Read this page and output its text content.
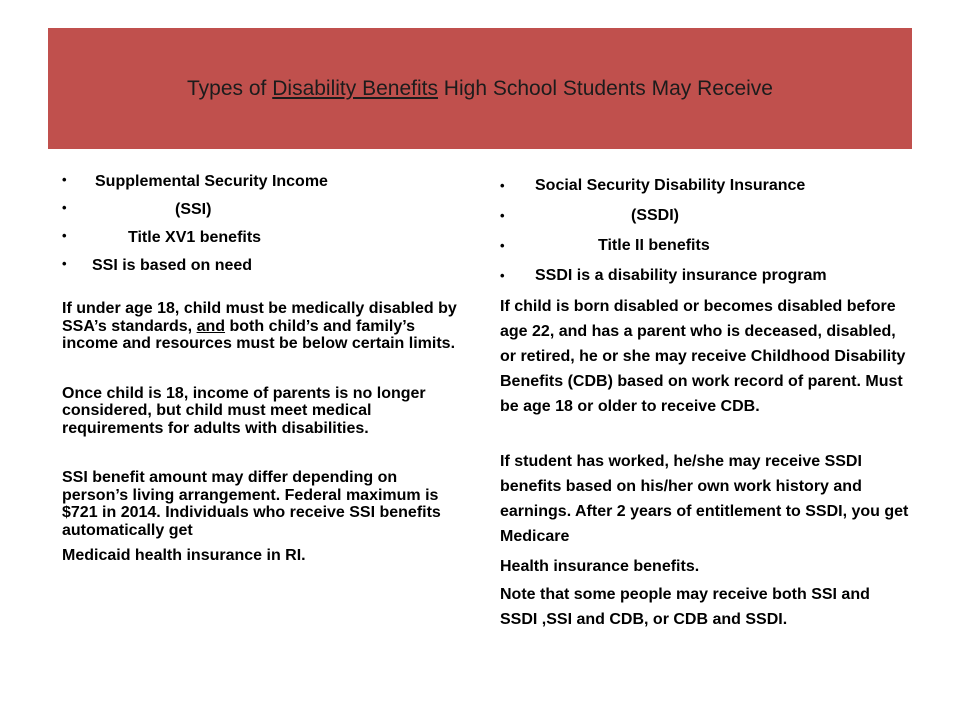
Types of Disability Benefits High School Students May Receive
•	Supplemental Security Income
•	(SSI)
•	Title XV1 benefits
•	SSI is based on need

If under age 18, child must be medically disabled by SSA’s standards, and both child’s and family’s income and resources must be below certain limits.

Once child is 18, income of parents is no longer considered, but child must meet medical requirements for adults with disabilities.

SSI benefit amount may differ depending on person’s living arrangement. Federal maximum is $721 in 2014. Individuals who receive SSI benefits automatically get

Medicaid health insurance in RI.

•	Social Security Disability Insurance
•	(SSDI)
•	Title II benefits
•	SSDI is a disability insurance program

If child is born disabled or becomes disabled before age 22, and has a parent who is deceased, disabled, or retired, he or she may receive Childhood Disability Benefits (CDB) based on work record of parent. Must be age 18 or older to receive CDB.

If student has worked, he/she may receive SSDI benefits based on his/her own work history and earnings. After 2 years of entitlement to SSDI, you get Medicare

Health insurance benefits.

Note that some people may receive both SSI and SSDI ,SSI and CDB, or CDB and SSDI.
